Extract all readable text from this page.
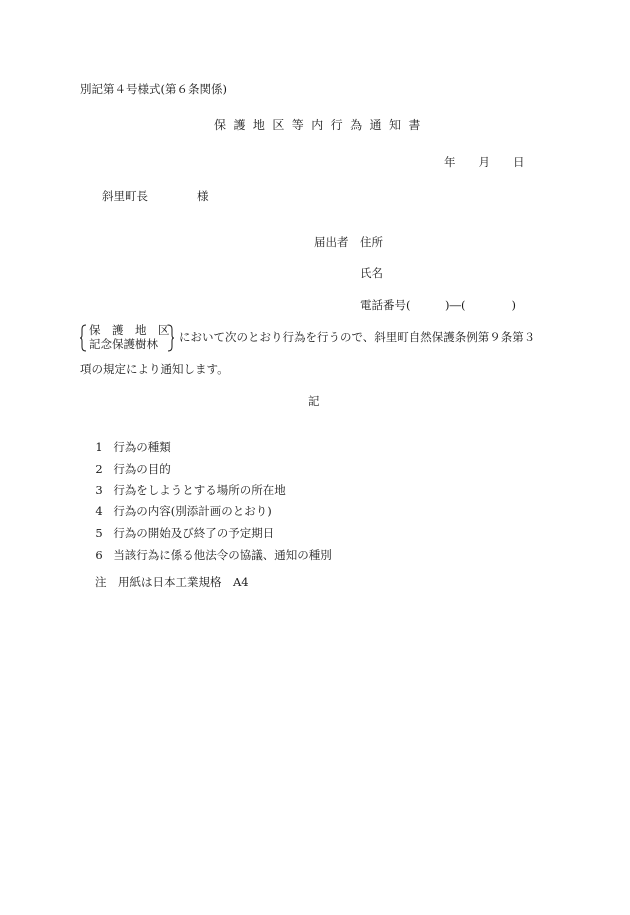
別記第４号様式(第６条関係)
保護地区等内行為通知書
年　　月　　日
斜里町長	様
届出者 住所
氏名
電話番号(　　　)―(　　　　)
保　護　地　区
記念保護樹林 において次のとおり行為を行うので、斜里町自然保護条例第９条第３
項の規定により通知します。
記

1 行為の種類

2 行為の目的

3 行為をしようとする場所の所在地

4 行為の内容(別添計画のとおり)

5 行為の開始及び終了の予定期日

6 当該行為に係る他法令の協議、通知の種別

注　用紙は日本工業規格　A4
